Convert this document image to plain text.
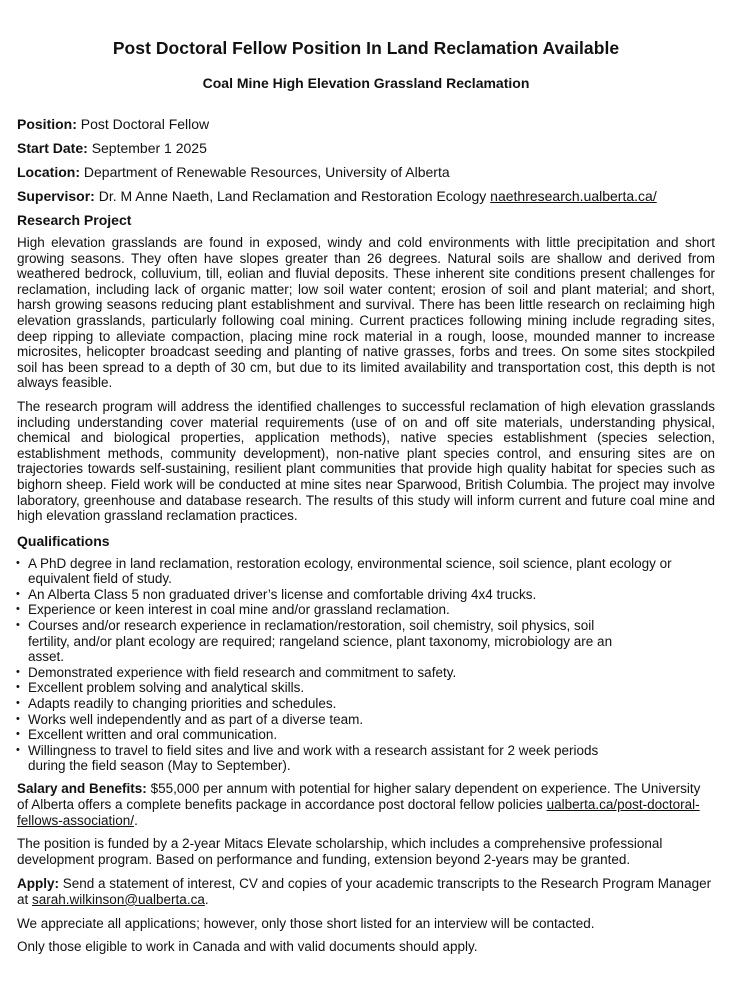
Post Doctoral Fellow Position In Land Reclamation Available
Coal Mine High Elevation Grassland Reclamation

Position: Post Doctoral Fellow

Start Date: September 1 2025

Location: Department of Renewable Resources, University of Alberta

Supervisor: Dr. M Anne Naeth, Land Reclamation and Restoration Ecology naethresearch.ualberta.ca/

Research Project

High elevation grasslands are found in exposed, windy and cold environments with little precipitation and short growing seasons. They often have slopes greater than 26 degrees. Natural soils are shallow and derived from weathered bedrock, colluvium, till, eolian and fluvial deposits. These inherent site conditions present challenges for reclamation, including lack of organic matter; low soil water content; erosion of soil and plant material; and short, harsh growing seasons reducing plant establishment and survival. There has been little research on reclaiming high elevation grasslands, particularly following coal mining. Current practices following mining include regrading sites, deep ripping to alleviate compaction, placing mine rock material in a rough, loose, mounded manner to increase microsites, helicopter broadcast seeding and planting of native grasses, forbs and trees. On some sites stockpiled soil has been spread to a depth of 30 cm, but due to its limited availability and transportation cost, this depth is not always feasible.

The research program will address the identified challenges to successful reclamation of high elevation grasslands including understanding cover material requirements (use of on and off site materials, understanding physical, chemical and biological properties, application methods), native species establishment (species selection, establishment methods, community development), non-native plant species control, and ensuring sites are on trajectories towards self-sustaining, resilient plant communities that provide high quality habitat for species such as bighorn sheep. Field work will be conducted at mine sites near Sparwood, British Columbia. The project may involve laboratory, greenhouse and database research. The results of this study will inform current and future coal mine and high elevation grassland reclamation practices.

Qualifications

• A PhD degree in land reclamation, restoration ecology, environmental science, soil science, plant ecology or equivalent field of study.
• An Alberta Class 5 non graduated driver’s license and comfortable driving 4x4 trucks.
• Experience or keen interest in coal mine and/or grassland reclamation.
• Courses and/or research experience in reclamation/restoration, soil chemistry, soil physics, soil fertility, and/or plant ecology are required; rangeland science, plant taxonomy, microbiology are an asset.
• Demonstrated experience with field research and commitment to safety.
• Excellent problem solving and analytical skills.
• Adapts readily to changing priorities and schedules.
• Works well independently and as part of a diverse team.
• Excellent written and oral communication.
• Willingness to travel to field sites and live and work with a research assistant for 2 week periods during the field season (May to September).

Salary and Benefits: $55,000 per annum with potential for higher salary dependent on experience. The University of Alberta offers a complete benefits package in accordance post doctoral fellow policies ualberta.ca/post-doctoral-fellows-association/.

The position is funded by a 2-year Mitacs Elevate scholarship, which includes a comprehensive professional development program. Based on performance and funding, extension beyond 2-years may be granted.

Apply: Send a statement of interest, CV and copies of your academic transcripts to the Research Program Manager at sarah.wilkinson@ualberta.ca.

We appreciate all applications; however, only those short listed for an interview will be contacted.

Only those eligible to work in Canada and with valid documents should apply.
